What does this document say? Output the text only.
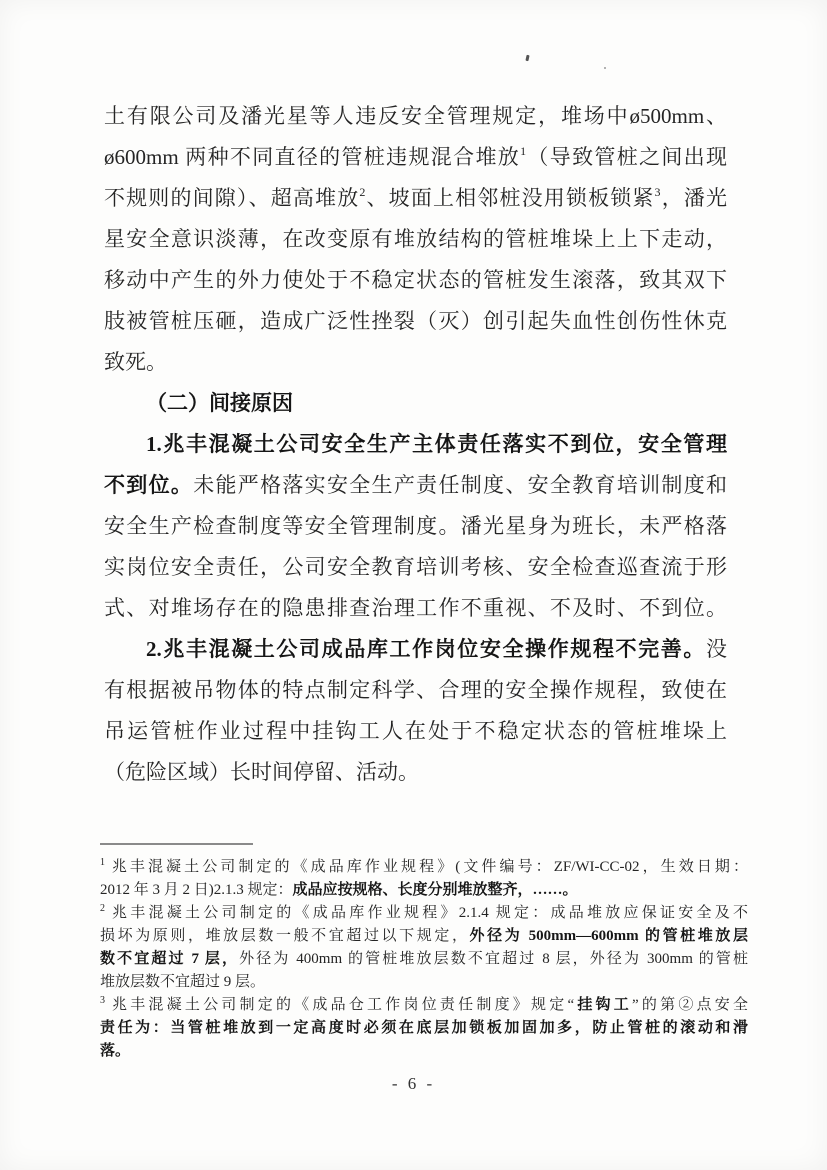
土有限公司及潘光星等人违反安全管理规定，堆场中ø500mm、
ø600mm 两种不同直径的管桩违规混合堆放$^1$（导致管桩之间出现
不规则的间隙）、超高堆放$^2$、坡面上相邻桩没用锁板锁紧$^3$，潘光
星安全意识淡薄，在改变原有堆放结构的管桩堆垛上上下走动，
移动中产生的外力使处于不稳定状态的管桩发生滚落，致其双下
肢被管桩压砸，造成广泛性挫裂（灭）创引起失血性创伤性休克
致死。
（二）间接原因
1.兆丰混凝土公司安全生产主体责任落实不到位，安全管理
不到位。未能严格落实安全生产责任制度、安全教育培训制度和
安全生产检查制度等安全管理制度。潘光星身为班长，未严格落
实岗位安全责任，公司安全教育培训考核、安全检查巡查流于形
式、对堆场存在的隐患排查治理工作不重视、不及时、不到位。
2.兆丰混凝土公司成品库工作岗位安全操作规程不完善。没
有根据被吊物体的特点制定科学、合理的安全操作规程，致使在
吊运管桩作业过程中挂钩工人在处于不稳定状态的管桩堆垛上
（危险区域）长时间停留、活动。
$^1$ 兆丰混凝土公司制定的《成品库作业规程》(文件编号：ZF/WI-CC-02，生效日期：
2012 年 3 月 2 日)2.1.3 规定：成品应按规格、长度分别堆放整齐，……。
$^2$ 兆丰混凝土公司制定的《成品库作业规程》2.1.4 规定：成品堆放应保证安全及不
损坏为原则，堆放层数一般不宜超过以下规定，外径为 500mm—600mm 的管桩堆放层
数不宜超过 7 层，外径为 400mm 的管桩堆放层数不宜超过 8 层，外径为 300mm 的管桩
堆放层数不宜超过 9 层。
$^3$ 兆丰混凝土公司制定的《成品仓工作岗位责任制度》规定“挂钩工”的第②点安全
责任为：当管桩堆放到一定高度时必须在底层加锁板加固加多，防止管桩的滚动和滑
落。
- 6 -
